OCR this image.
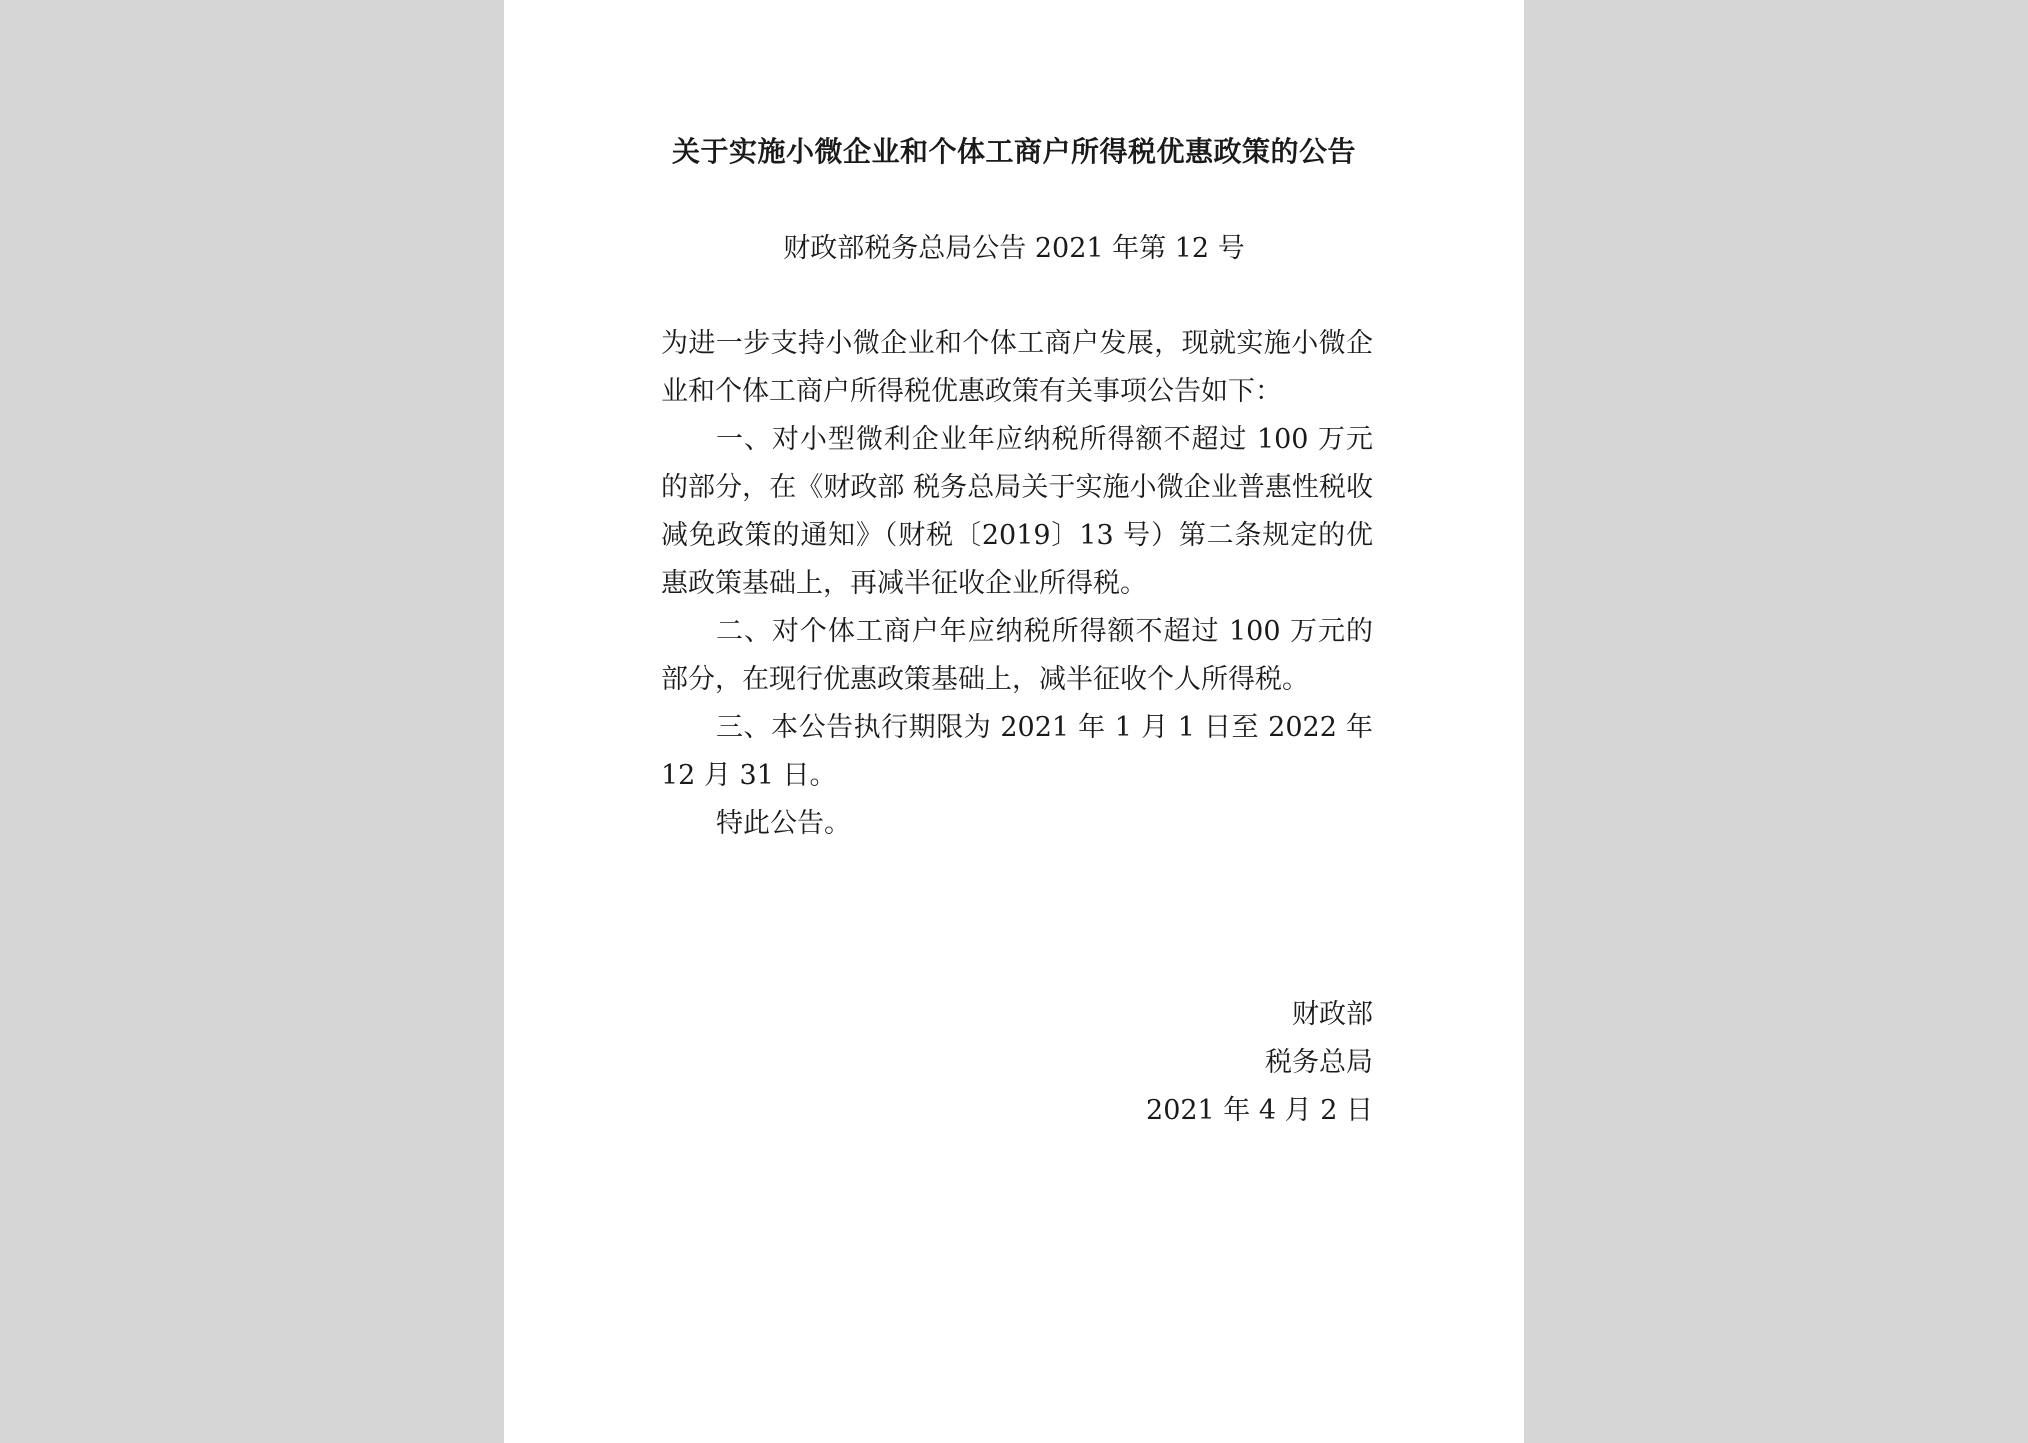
关于实施小微企业和个体工商户所得税优惠政策的公告
财政部税务总局公告 2021 年第 12 号

为进一步支持小微企业和个体工商户发展，现就实施小微企业和个体工商户所得税优惠政策有关事项公告如下：

一、对小型微利企业年应纳税所得额不超过 100 万元的部分，在《财政部 税务总局关于实施小微企业普惠性税收减免政策的通知》（财税〔2019〕13 号）第二条规定的优惠政策基础上，再减半征收企业所得税。

二、对个体工商户年应纳税所得额不超过 100 万元的部分，在现行优惠政策基础上，减半征收个人所得税。

三、本公告执行期限为 2021 年 1 月 1 日至 2022 年 12 月 31 日。

特此公告。

财政部
税务总局
2021 年 4 月 2 日
